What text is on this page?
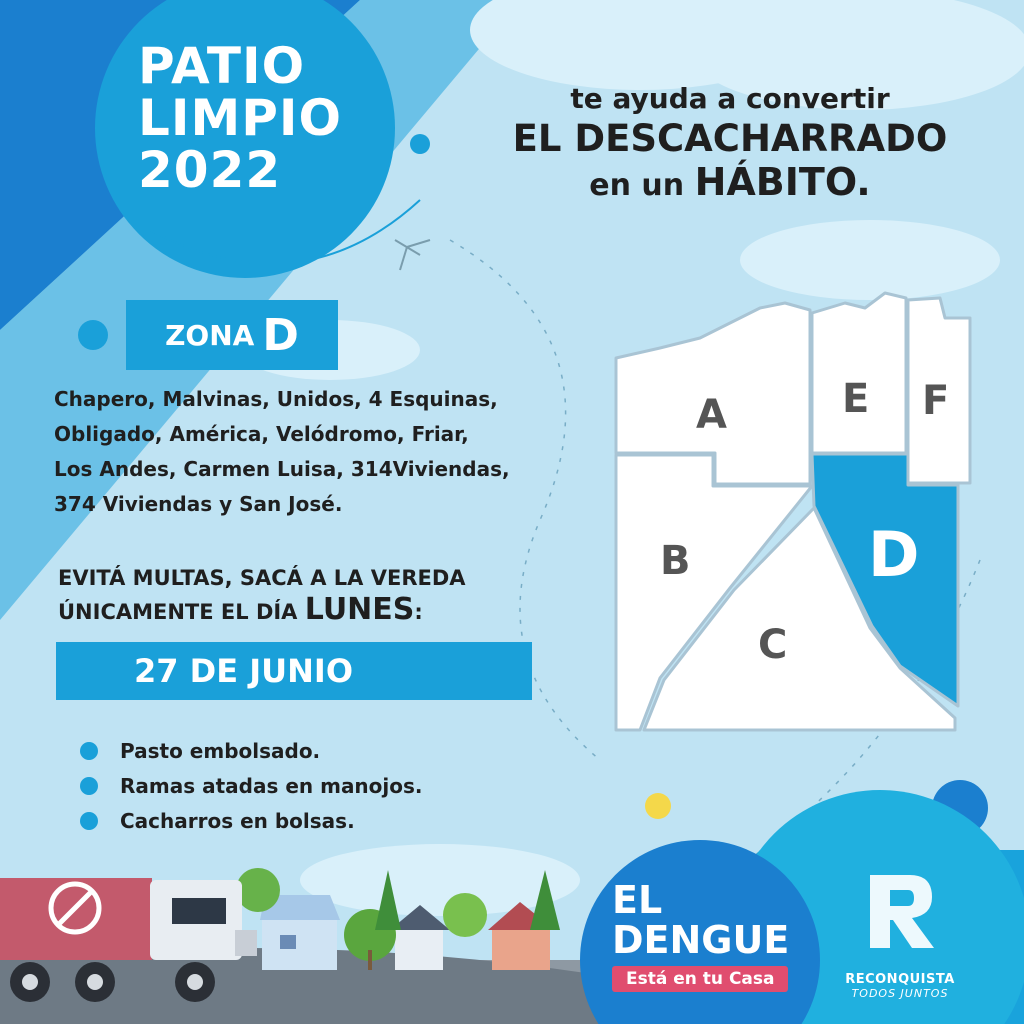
PATIO
LIMPIO
2022
te ayuda a convertir
EL DESCACHARRADO
en un HÁBITO.
ZONA D
Chapero, Malvinas, Unidos, 4 Esquinas,
Obligado, América, Velódromo, Friar,
Los Andes, Carmen Luisa, 314Viviendas,
374 Viviendas y San José.
EVITÁ MULTAS, SACÁ A LA VEREDA
ÚNICAMENTE EL DÍA LUNES:
27 DE JUNIO
Pasto embolsado.
Ramas atadas en manojos.
Cacharros en bolsas.
A	E F
B
C
D
EL
DENGUE
Está en tu Casa	RECONQUISTA
TODOS JUNTOS
